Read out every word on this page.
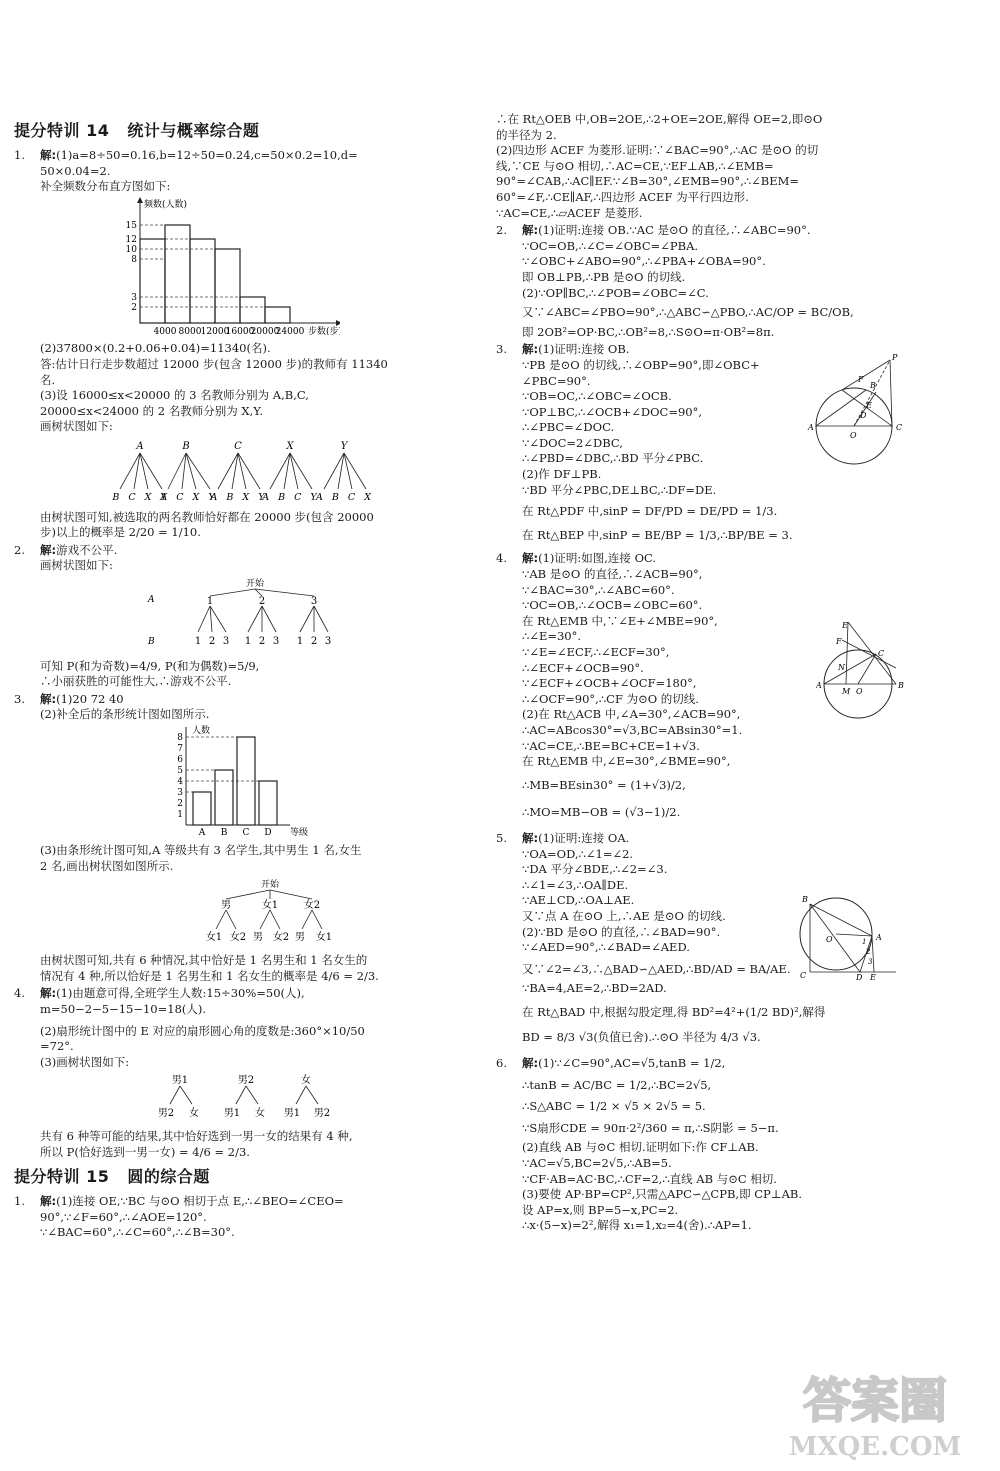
提分特训 14 统计与概率综合题
1. 解:(1)a=8÷50=0.16,b=12÷50=0.24,c=50×0.2=10,d=
50×0.04=2.
补全频数分布直方图如下:
频数(人数)
2
3
8
10
12
15
4000 8000 12000
16000
20000
24000 步数(步)
(2)37800×(0.2+0.06+0.04)=11340(名).
答:估计日行走步数超过 12000 步(包含 12000 步)的教师有 11340
名.
(3)设 16000≤x<20000 的 3 名教师分别为 A,B,C,
20000≤x<24000 的 2 名教师分别为 X,Y.
画树状图如下:
A	B	C	X	Y
B C X Y
A C X Y
A B X Y
A B C Y
A B C X
由树状图可知,被选取的两名教师恰好都在 20000 步(包含 20000
步)以上的概率是 2/20 = 1/10.
2. 解:游戏不公平.
画树状图如下:
开始
A
B
1	2	3
1 2 3 1 2 3 1 2 3
可知 P(和为奇数)=4/9, P(和为偶数)=5/9,
∴小丽获胜的可能性大,∴游戏不公平.
3. 解:(1)20 72 40
(2)补全后的条形统计图如图所示.
人数
等级
1
2
3
4
5
6
7
8
A B C D
(3)由条形统计图可知,A 等级共有 3 名学生,其中男生 1 名,女生
2 名,画出树状图如图所示.
开始
男	女1	女2
女1 女2 男 女2 男 女1
由树状图可知,共有 6 种情况,其中恰好是 1 名男生和 1 名女生的
情况有 4 种,所以恰好是 1 名男生和 1 名女生的概率是 4/6 = 2/3.
4. 解:(1)由题意可得,全班学生人数:15÷30%=50(人),
m=50−2−5−15−10=18(人).
(2)扇形统计图中的 E 对应的扇形圆心角的度数是:360°×10/50
=72°.
(3)画树状图如下:
男1	男2	女
男2 女 男1 女 男1 男2
共有 6 种等可能的结果,其中恰好选到一男一女的结果有 4 种,
所以 P(恰好选到一男一女) = 4/6 = 2/3.
提分特训 15 圆的综合题
1. 解:(1)连接 OE,∵BC 与⊙O 相切于点 E,∴∠BEO=∠CEO=
90°,∵∠F=60°,∴∠AOE=120°.
∵∠BAC=60°,∴∠C=60°,∴∠B=30°.
∴在 Rt△OEB 中,OB=2OE,∴2+OE=2OE,解得 OE=2,即⊙O
的半径为 2.
(2)四边形 ACEF 为菱形.证明:∵∠BAC=90°,∴AC 是⊙O 的切
线,∵CE 与⊙O 相切,∴AC=CE,∵EF⊥AB,∴∠EMB=
90°=∠CAB,∴AC∥EF.∵∠B=30°,∠EMB=90°,∴∠BEM=
60°=∠F,∴CE∥AF,∴四边形 ACEF 为平行四边形.
∵AC=CE,∴▱ACEF 是菱形.
2. 解:(1)证明:连接 OB.∵AC 是⊙O 的直径,∴∠ABC=90°.
∵OC=OB,∴∠C=∠OBC=∠PBA.
∵∠OBC+∠ABO=90°,∴∠PBA+∠OBA=90°.
即 OB⊥PB,∴PB 是⊙O 的切线.
(2)∵OP∥BC,∴∠POB=∠OBC=∠C.
又∵∠ABC=∠PBO=90°,∴△ABC∽△PBO,∴AC/OP = BC/OB,
即 2OB²=OP·BC,∴OB²=8,∴S⊙O=π·OB²=8π.
3. 解:(1)证明:连接 OB.
∵PB 是⊙O 的切线,∴∠OBP=90°,即∠OBC+
∠PBC=90°.
∵OB=OC,∴∠OBC=∠OCB.
∵OP⊥BC,∴∠OCB+∠DOC=90°,
∴∠PBC=∠DOC.
∵∠DOC=2∠DBC,
∴∠PBD=∠DBC,∴BD 平分∠PBC.
(2)作 DF⊥PB.
∵BD 平分∠PBC,DE⊥BC,∴DF=DE.
在 Rt△PDF 中,sinP = DF/PD = DE/PD = 1/3.
在 Rt△BEP 中,sinP = BE/BP = 1/3,∴BP/BE = 3.
4. 解:(1)证明:如图,连接 OC.
∵AB 是⊙O 的直径,∴∠ACB=90°,
∵∠BAC=30°,∴∠ABC=60°.
∵OC=OB,∴∠OCB=∠OBC=60°.
在 Rt△EMB 中,∵∠E+∠MBE=90°,
∴∠E=30°.
∵∠E=∠ECF,∴∠ECF=30°,
∴∠ECF+∠OCB=90°.
∵∠ECF+∠OCB+∠OCF=180°,
∴∠OCF=90°,∴CF 为⊙O 的切线.
(2)在 Rt△ACB 中,∠A=30°,∠ACB=90°,
∴AC=ABcos30°=√3,BC=ABsin30°=1.
∵AC=CE,∴BE=BC+CE=1+√3.
在 Rt△EMB 中,∠E=30°,∠BME=90°,
∴MB=BEsin30° = (1+√3)/2,
∴MO=MB−OB = (√3−1)/2.
5. 解:(1)证明:连接 OA.
∵OA=OD,∴∠1=∠2.
∵DA 平分∠BDE,∴∠2=∠3.
∴∠1=∠3,∴OA∥DE.
∵AE⊥CD,∴OA⊥AE.
又∵点 A 在⊙O 上,∴AE 是⊙O 的切线.
(2)∵BD 是⊙O 的直径,∴∠BAD=90°.
∵∠AED=90°,∴∠BAD=∠AED.
又∵∠2=∠3,∴△BAD∽△AED,∴BD/AD = BA/AE.
∵BA=4,AE=2,∴BD=2AD.
在 Rt△BAD 中,根据勾股定理,得 BD²=4²+(1/2 BD)²,解得
BD = 8/3 √3(负值已舍).∴⊙O 半径为 4/3 √3.
6. 解:(1)∵∠C=90°,AC=√5,tanB = 1/2,
∴tanB = AC/BC = 1/2,∴BC=2√5,
∴S△ABC = 1/2 × √5 × 2√5 = 5.
∵S扇形CDE = 90π·2²/360 = π,∴S阴影 = 5−π.
(2)直线 AB 与⊙C 相切.证明如下:作 CF⊥AB.
∵AC=√5,BC=2√5,∴AB=5.
∵CF·AB=AC·BC,∴CF=2,∴直线 AB 与⊙C 相切.
(3)要使 AP·BP=CP²,只需△APC∽△CPB,即 CP⊥AB.
设 AP=x,则 BP=5−x,PC=2.
∴x·(5−x)=2²,解得 x₁=1,x₂=4(舍).∴AP=1.
P
F
B
E
A
O
D
C
E
F
C
N
A
M O
B
B
A
O
C	D E
1
2
3
答案圈
MXQE.COM
